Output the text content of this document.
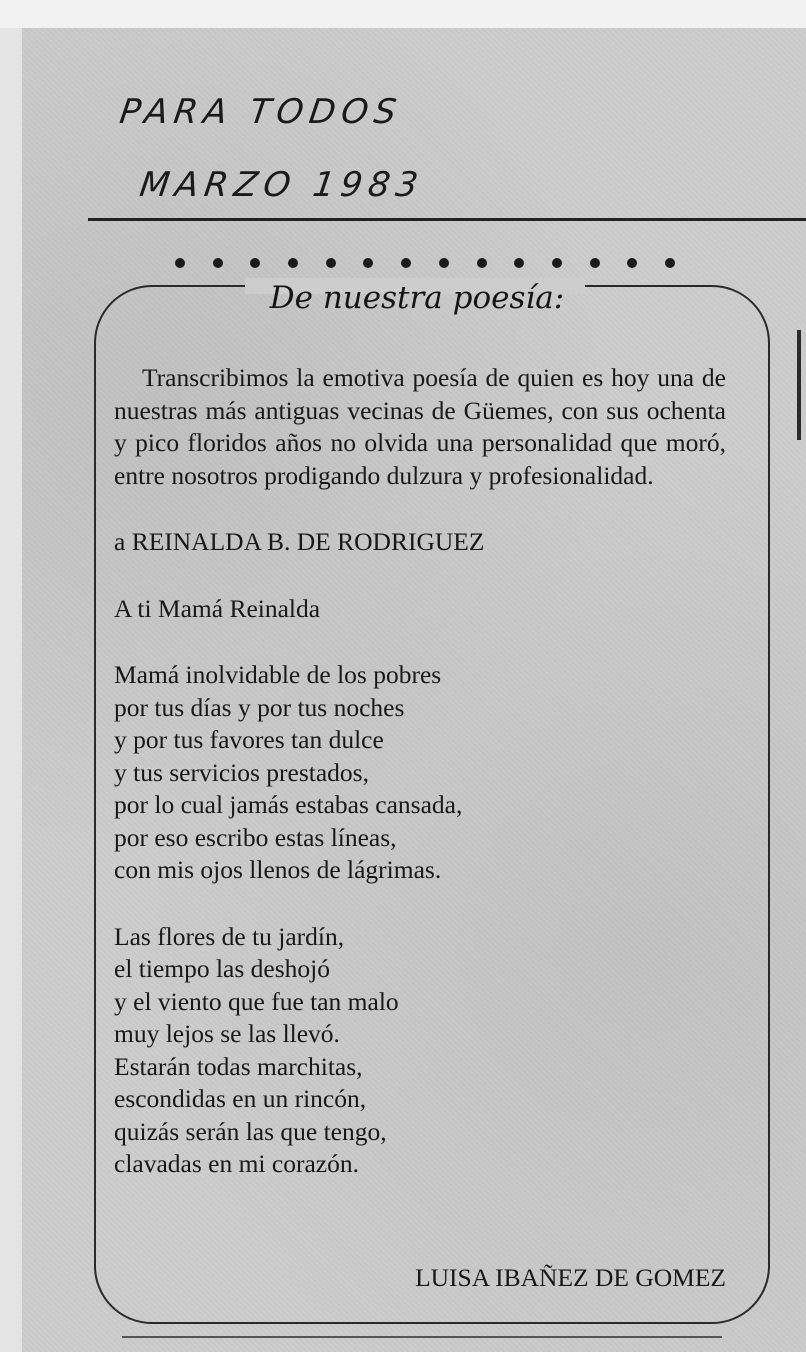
PARA TODOS
MARZO 1983
De nuestra poesía:

Transcribimos la emotiva poesía de quien es hoy una de nuestras más antiguas vecinas de Güemes, con sus ochenta y pico floridos años no olvida una personalidad que moró, entre nosotros prodigando dulzura y profesionalidad.

a REINALDA B. DE RODRIGUEZ
A ti Mamá Reinalda
Mamá inolvidable de los pobres
por tus días y por tus noches
y por tus favores tan dulce
y tus servicios prestados,
por lo cual jamás estabas cansada,
por eso escribo estas líneas,
con mis ojos llenos de lágrimas.
Las flores de tu jardín,
el tiempo las deshojó
y el viento que fue tan malo
muy lejos se las llevó.
Estarán todas marchitas,
escondidas en un rincón,
quizás serán las que tengo,
clavadas en mi corazón.
LUISA IBAÑEZ DE GOMEZ
